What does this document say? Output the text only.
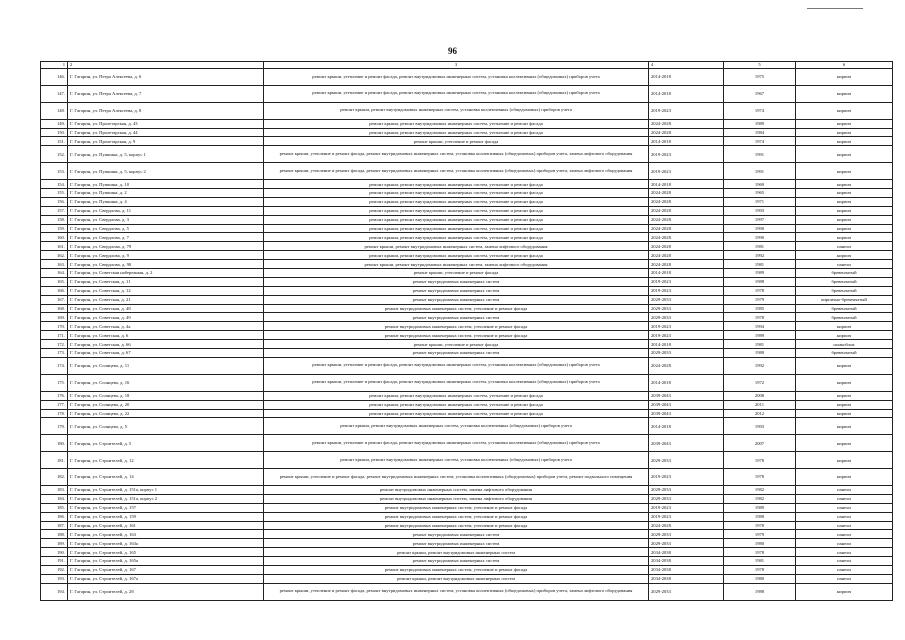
96
1	2	3	4	5	6
146.	Г. Гагарин, ул. Петра Алексеева, д. 6	ремонт крыши, утепление и ремонт фасада, ремонт внутридомовых инженерных систем, установка коллективных (общедомовых) приборов учета	2014-2018	1975	кирпич
147.	Г. Гагарин, ул. Петра Алексеева, д. 7	ремонт крыши, утепление и ремонт фасада, ремонт внутридомовых инженерных систем, установка коллективных (общедомовых) приборов учета	2014-2018	1967	кирпич
148.	Г. Гагарин, ул. Петра Алексеева, д. 8	ремонт крыши, ремонт внутридомовых инженерных систем, установка коллективных (общедомовых) приборов учета	2019-2023	1974	кирпич
149.	Г. Гагарин, ул. Пролетарская, д. 43	ремонт крыши, ремонт внутридомовых инженерных систем, утепление и ремонт фасада	2024-2028	1989	кирпич
150.	Г. Гагарин, ул. Пролетарская, д. 44	ремонт крыши, ремонт внутридомовых инженерных систем, утепление и ремонт фасада	2024-2028	1984	кирпич
151.	Г. Гагарин, ул. Пролетарская, д. 9	ремонт крыши, утепление и ремонт фасада	2014-2018	1974	кирпич
152.	Г. Гагарин, ул. Пушкина, д. 5, корпус 1	ремонт крыши, утепление и ремонт фасада, ремонт внутридомовых инженерных систем, установка коллективных (общедомовых) приборов учета, замена лифтового оборудования	2019-2023	1991	кирпич
153.	Г. Гагарин, ул. Пушкина, д. 5, корпус 2	ремонт крыши, утепление и ремонт фасада, ремонт внутридомовых инженерных систем, установка коллективных (общедомовых) приборов учета, замена лифтового оборудования	2019-2023	1991	кирпич
154.	Г. Гагарин, ул. Пушкина, д. 10	ремонт крыши, ремонт внутридомовых инженерных систем, утепление и ремонт фасада	2014-2018	1969	кирпич
155.	Г. Гагарин, ул. Пушкина, д. 2	ремонт крыши, ремонт внутридомовых инженерных систем, утепление и ремонт фасада	2024-2028	1965	кирпич
156.	Г. Гагарин, ул. Пушкина, д. 4	ремонт крыши, ремонт внутридомовых инженерных систем, утепление и ремонт фасада	2024-2028	1971	кирпич
157.	Г. Гагарин, ул. Свердлова, д. 11	ремонт крыши, ремонт внутридомовых инженерных систем, утепление и ремонт фасада	2024-2028	1993	кирпич
158.	Г. Гагарин, ул. Свердлова, д. 3	ремонт крыши, ремонт внутридомовых инженерных систем, утепление и ремонт фасада	2024-2028	1997	кирпич
159.	Г. Гагарин, ул. Свердлова, д. 5	ремонт крыши, ремонт внутридомовых инженерных систем, утепление и ремонт фасада	2024-2028	1990	кирпич
160.	Г. Гагарин, ул. Свердлова, д. 7	ремонт крыши, ремонт внутридомовых инженерных систем, утепление и ремонт фасада	2024-2028	1990	кирпич
161.	Г. Гагарин, ул. Свердлова, д. 79	ремонт крыши, ремонт внутридомовых инженерных систем, замена лифтового оборудования	2024-2028	1981	панели
162.	Г. Гагарин, ул. Свердлова, д. 9	ремонт крыши, ремонт внутридомовых инженерных систем, утепление и ремонт фасада	2024-2028	1992	кирпич
163.	Г. Гагарин, ул. Свердлова, д. 90	ремонт крыши, ремонт внутридомовых инженерных систем, замена лифтового оборудования	2024-2028	1981	панели
164.	Г. Гагарин, ул. Советская набережная, д. 2	ремонт крыши, утепление и ремонт фасада	2014-2018	1989	бревенчатый
165.	Г. Гагарин, ул. Советская, д. 11	ремонт внутридомовых инженерных систем	2019-2023	1988	бревенчатый
166.	Г. Гагарин, ул. Советская, д. 12	ремонт внутридомовых инженерных систем	2019-2023	1978	бревенчатый
167.	Г. Гагарин, ул. Советская, д. 21	ремонт внутридомовых инженерных систем	2029-2033	1979	кирпично-бревенчатый
168.	Г. Гагарин, ул. Советская, д. 48	ремонт внутридомовых инженерных систем, утепление и ремонт фасада	2029-2033	1985	бревенчатый
169.	Г. Гагарин, ул. Советская, д. 49	ремонт внутридомовых инженерных систем	2029-2033	1978	бревенчатый
170.	Г. Гагарин, ул. Советская, д. 4а	ремонт внутридомовых инженерных систем, утепление и ремонт фасада	2019-2023	1994	кирпич
171.	Г. Гагарин, ул. Советская, д. 6	ремонт внутридомовых инженерных систем, утепление и ремонт фасада	2019-2023	1989	кирпич
172.	Г. Гагарин, ул. Советская, д. 66	ремонт крыши, утепление и ремонт фасада	2014-2018	1981	шлакоблок
173.	Г. Гагарин, ул. Советская, д. 67	ремонт внутридомовых инженерных систем	2029-2033	1980	бревенчатый
174.	Г. Гагарин, ул. Солнцева, д. 11	ремонт крыши, утепление и ремонт фасада, ремонт внутридомовых инженерных систем, установка коллективных (общедомовых) приборов учета	2024-2028	1992	кирпич
175.	Г. Гагарин, ул. Солнцева, д. 16	ремонт крыши, утепление и ремонт фасада, ремонт внутридомовых инженерных систем, установка коллективных (общедомовых) приборов учета	2014-2018	1972	кирпич
176.	Г. Гагарин, ул. Солнцева, д. 18	ремонт крыши, ремонт внутридомовых инженерных систем, утепление и ремонт фасада	2039-2043	2008	кирпич
177.	Г. Гагарин, ул. Солнцева, д. 20	ремонт крыши, ремонт внутридомовых инженерных систем, утепление и ремонт фасада	2039-2043	2011	кирпич
178.	Г. Гагарин, ул. Солнцева, д. 22	ремонт крыши, ремонт внутридомовых инженерных систем, утепление и ремонт фасада	2039-2043	2012	кирпич
179.	Г. Гагарин, ул. Солнцева, д. 5	ремонт крыши, ремонт внутридомовых инженерных систем, установка коллективных (общедомовых) приборов учета	2014-2018	1993	кирпич
180.	Г. Гагарин, ул. Строителей, д. 5	ремонт крыши, утепление и ремонт фасада, ремонт внутридомовых инженерных систем, установка коллективных (общедомовых) приборов учета	2039-2043	2007	кирпич
181.	Г. Гагарин, ул. Строителей, д. 12	ремонт крыши, ремонт внутридомовых инженерных систем, установка коллективных (общедомовых) приборов учета	2029-2033	1978	кирпич
182.	Г. Гагарин, ул. Строителей, д. 14	ремонт крыши, утепление и ремонт фасада, ремонт внутридомовых инженерных систем, установка коллективных (общедомовых) приборов учета, ремонт подвального помещения	2019-2023	1978	кирпич
183.	Г. Гагарин, ул. Строителей, д. 151а, корпус 1	ремонт внутридомовых инженерных систем, замена лифтового оборудования	2029-2033	1982	панели
184.	Г. Гагарин, ул. Строителей, д. 151а, корпус 2	ремонт внутридомовых инженерных систем, замена лифтового оборудования	2029-2033	1982	панели
185.	Г. Гагарин, ул. Строителей, д. 157	ремонт внутридомовых инженерных систем, утепление и ремонт фасада	2019-2023	1989	панели
186.	Г. Гагарин, ул. Строителей, д. 159	ремонт внутридомовых инженерных систем, утепление и ремонт фасада	2019-2023	1988	панели
187.	Г. Гагарин, ул. Строителей, д. 161	ремонт внутридомовых инженерных систем, утепление и ремонт фасада	2024-2028	1978	панели
188.	Г. Гагарин, ул. Строителей, д. 163	ремонт внутридомовых инженерных систем	2029-2033	1979	панели
189.	Г. Гагарин, ул. Строителей, д. 163а	ремонт внутридомовых инженерных систем	2029-2033	1980	панели
190.	Г. Гагарин, ул. Строителей, д. 165	ремонт крыши, ремонт внутридомовых инженерных систем	2034-2038	1978	панели
191.	Г. Гагарин, ул. Строителей, д. 165а	ремонт внутридомовых инженерных систем	2034-2038	1981	панели
192.	Г. Гагарин, ул. Строителей, д. 167	ремонт внутридомовых инженерных систем, утепление и ремонт фасада	2034-2038	1978	панели
193.	Г. Гагарин, ул. Строителей, д. 167а	ремонт крыши, ремонт внутридомовых инженерных систем	2034-2038	1980	панели
194.	Г. Гагарин, ул. Строителей, д. 28	ремонт крыши, утепление и ремонт фасада, ремонт внутридомовых инженерных систем, установка коллективных (общедомовых) приборов учета, замена лифтового оборудования	2029-2033	1988	кирпич
